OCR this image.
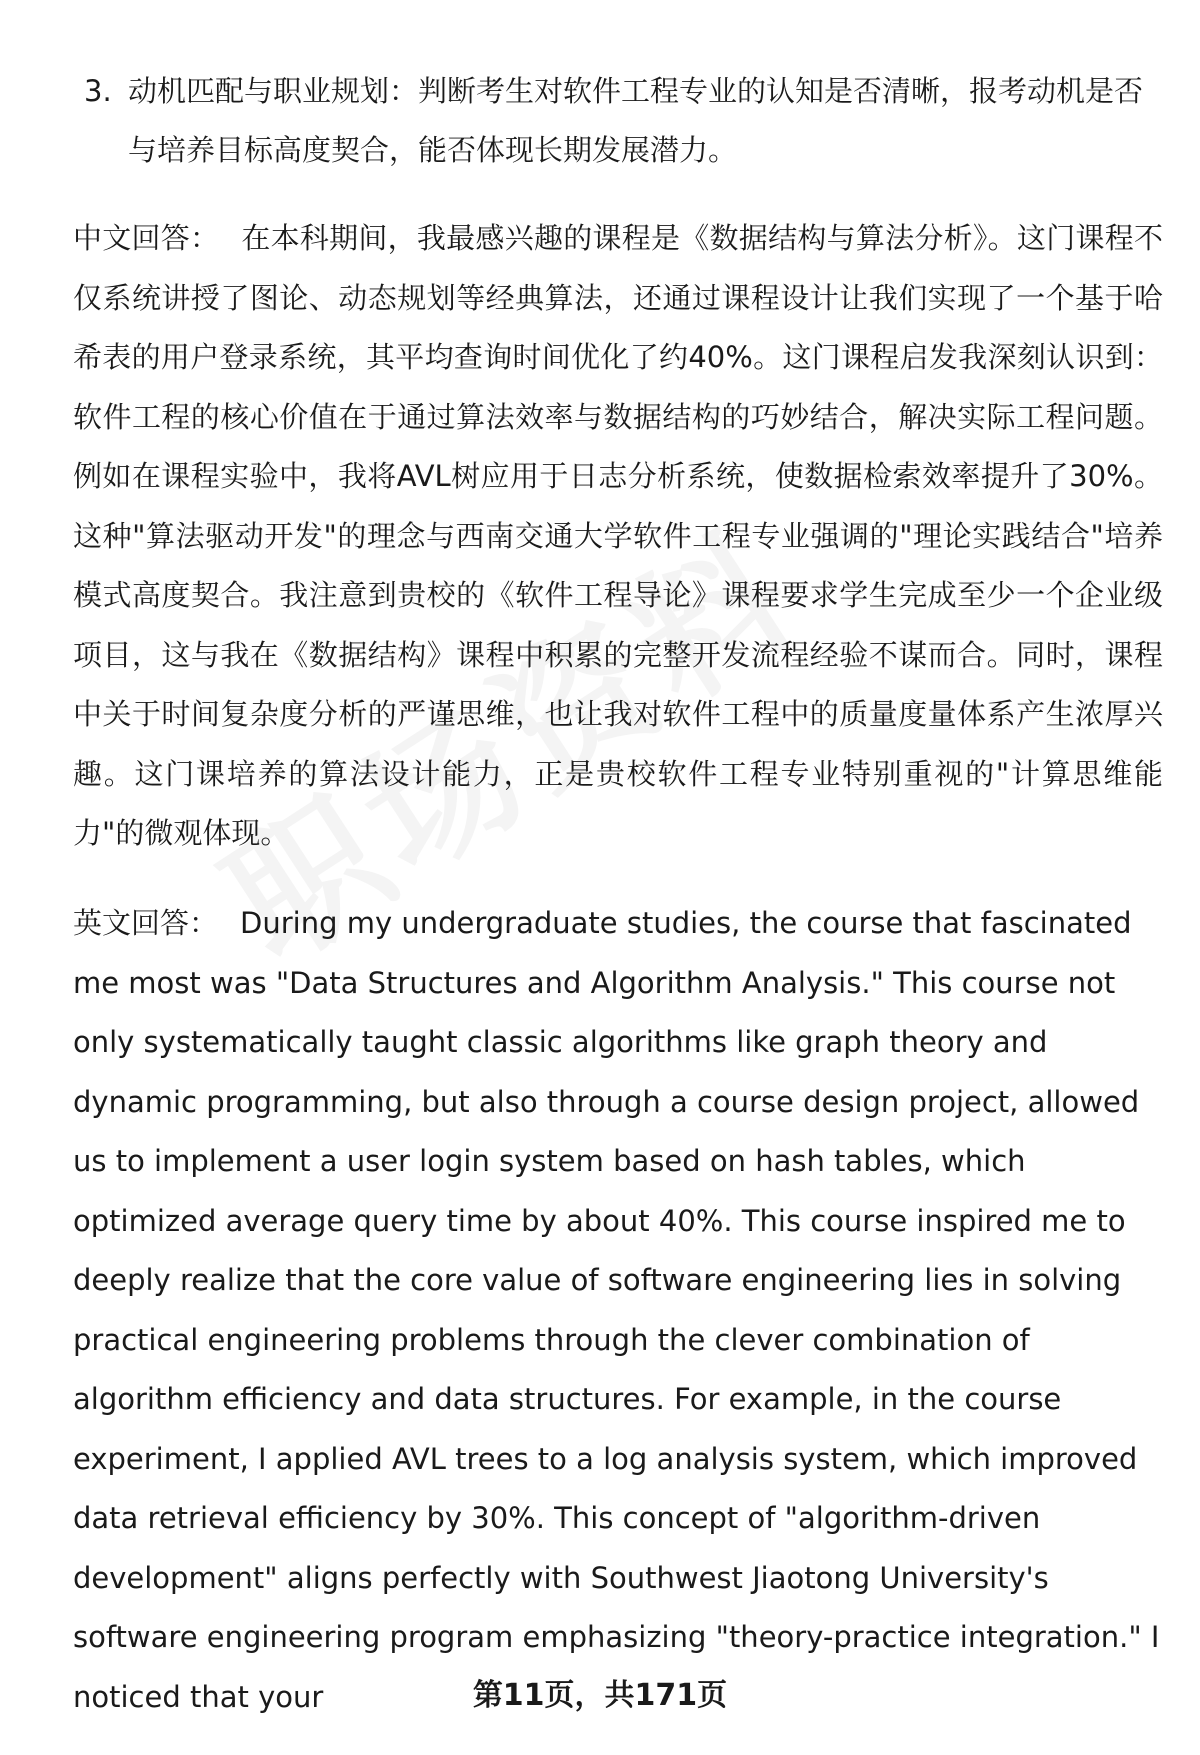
3. 动机匹配与职业规划：判断考生对软件工程专业的认知是否清晰，报考动机是否与培养目标高度契合，能否体现长期发展潜力。
中文回答： 在本科期间，我最感兴趣的课程是《数据结构与算法分析》。这门课程不仅系统讲授了图论、动态规划等经典算法，还通过课程设计让我们实现了一个基于哈希表的用户登录系统，其平均查询时间优化了约40%。这门课程启发我深刻认识到：软件工程的核心价值在于通过算法效率与数据结构的巧妙结合，解决实际工程问题。例如在课程实验中，我将AVL树应用于日志分析系统，使数据检索效率提升了30%。这种"算法驱动开发"的理念与西南交通大学软件工程专业强调的"理论实践结合"培养模式高度契合。我注意到贵校的《软件工程导论》课程要求学生完成至少一个企业级项目，这与我在《数据结构》课程中积累的完整开发流程经验不谋而合。同时，课程中关于时间复杂度分析的严谨思维，也让我对软件工程中的质量度量体系产生浓厚兴趣。这门课培养的算法设计能力，正是贵校软件工程专业特别重视的"计算思维能力"的微观体现。
英文回答： During my undergraduate studies, the course that fascinated me most was "Data Structures and Algorithm Analysis." This course not only systematically taught classic algorithms like graph theory and dynamic programming, but also through a course design project, allowed us to implement a user login system based on hash tables, which optimized average query time by about 40%. This course inspired me to deeply realize that the core value of software engineering lies in solving practical engineering problems through the clever combination of algorithm efficiency and data structures. For example, in the course experiment, I applied AVL trees to a log analysis system, which improved data retrieval efficiency by 30%. This concept of "algorithm-driven development" aligns perfectly with Southwest Jiaotong University's software engineering program emphasizing "theory-practice integration." I noticed that your	第11页，共171页
